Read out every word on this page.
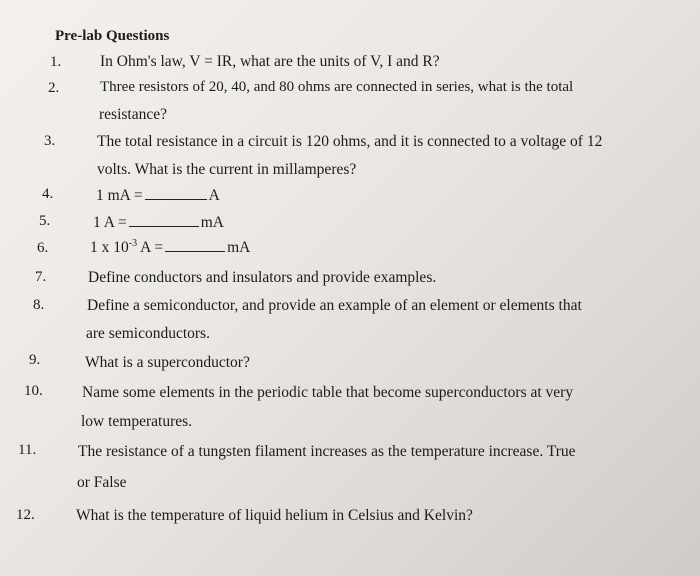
Pre-lab Questions
1.	In Ohm's law, V = IR, what are the units of V, I and R?
2.	Three resistors of 20, 40, and 80 ohms are connected in series, what is the total
resistance?
3.	The total resistance in a circuit is 120 ohms, and it is connected to a voltage of 12
volts. What is the current in millamperes?
4.	1 mA =	A
5.	1 A =	mA
6.	1 x $10^{-3}$ A =	mA
7.	Define conductors and insulators and provide examples.
8.	Define a semiconductor, and provide an example of an element or elements that
are semiconductors.
9.	What is a superconductor?
10.	Name some elements in the periodic table that become superconductors at very
low temperatures.
11.	The resistance of a tungsten filament increases as the temperature increase. True
or False
12.	What is the temperature of liquid helium in Celsius and Kelvin?
